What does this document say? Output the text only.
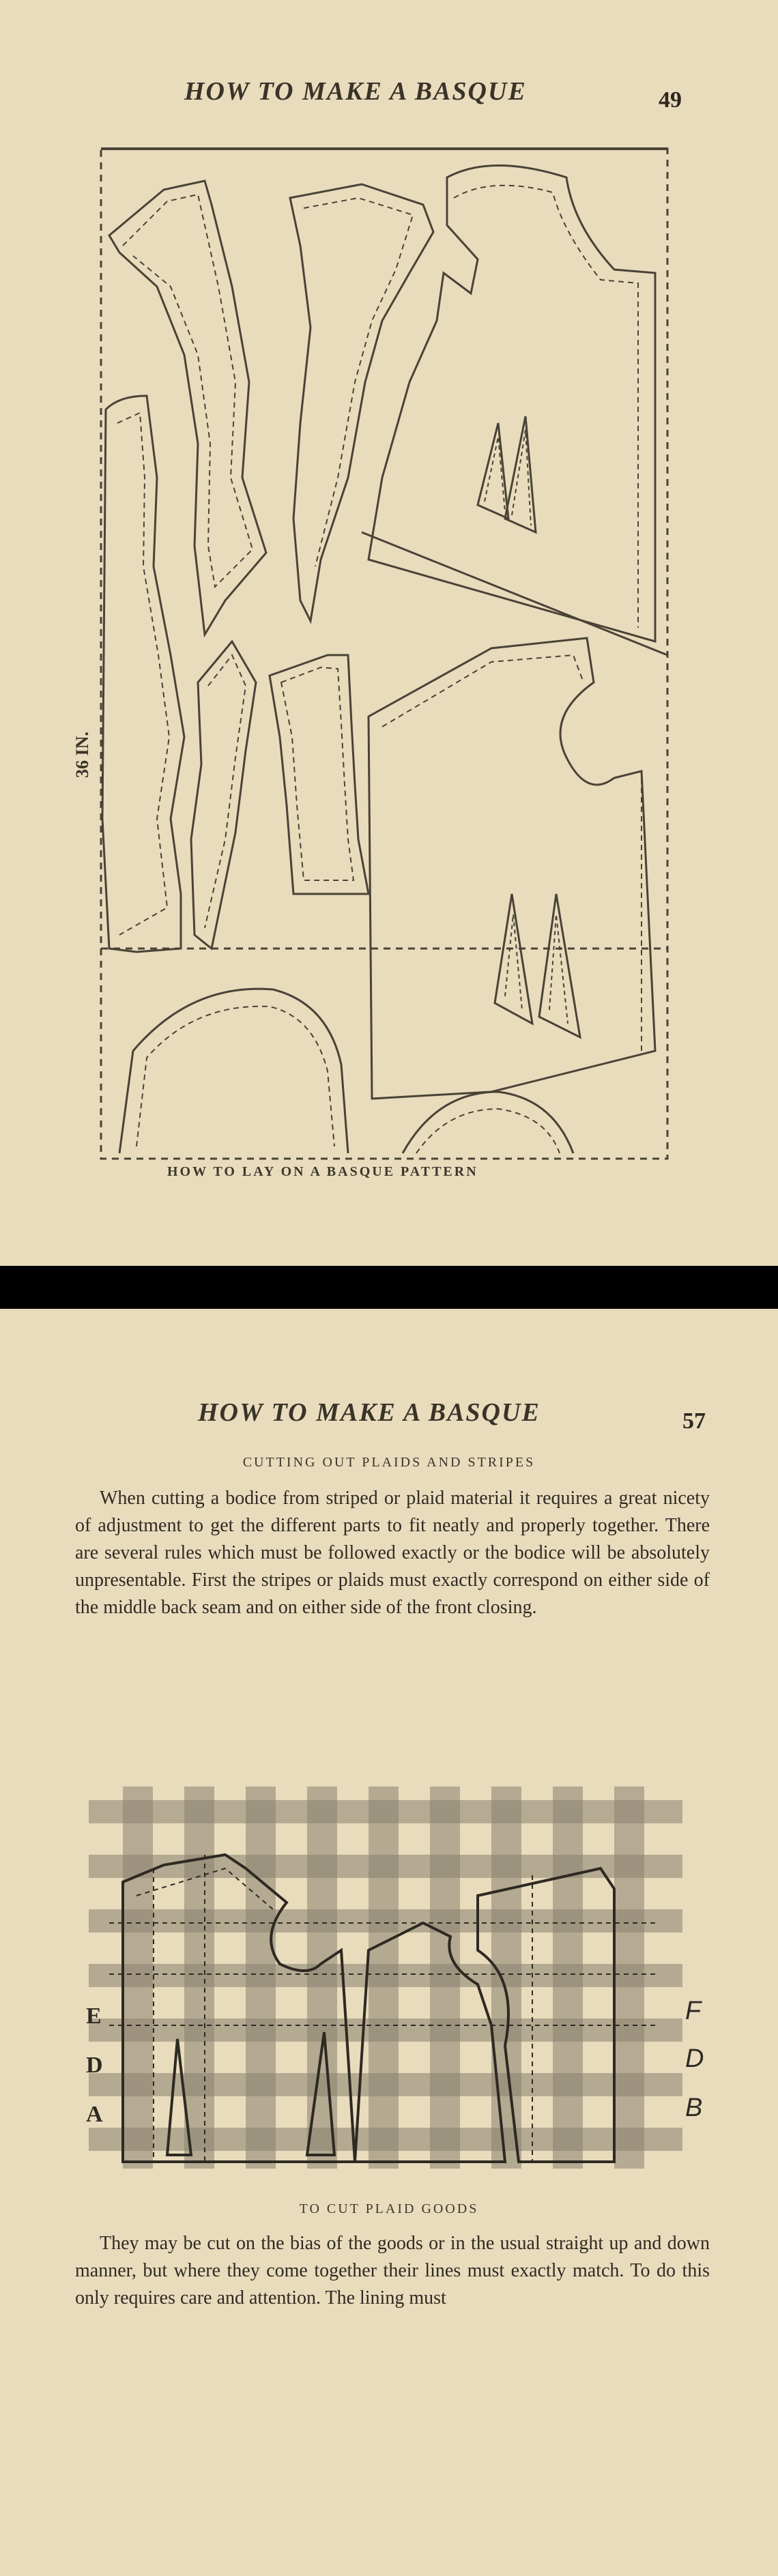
HOW TO MAKE A BASQUE	49
36 IN.
HOW TO LAY ON A BASQUE PATTERN
HOW TO MAKE A BASQUE	57
CUTTING OUT PLAIDS AND STRIPES

When cutting a bodice from striped or plaid material it requires a great nicety of adjustment to get the different parts to fit neatly and properly together. There are several rules which must be followed exactly or the bodice will be absolutely unpresentable. First the stripes or plaids must exactly correspond on either side of the middle back seam and on either side of the front closing.

E
D
A
F
D
B
TO CUT PLAID GOODS

They may be cut on the bias of the goods or in the usual straight up and down manner, but where they come together their lines must exactly match. To do this only requires care and attention. The lining must
